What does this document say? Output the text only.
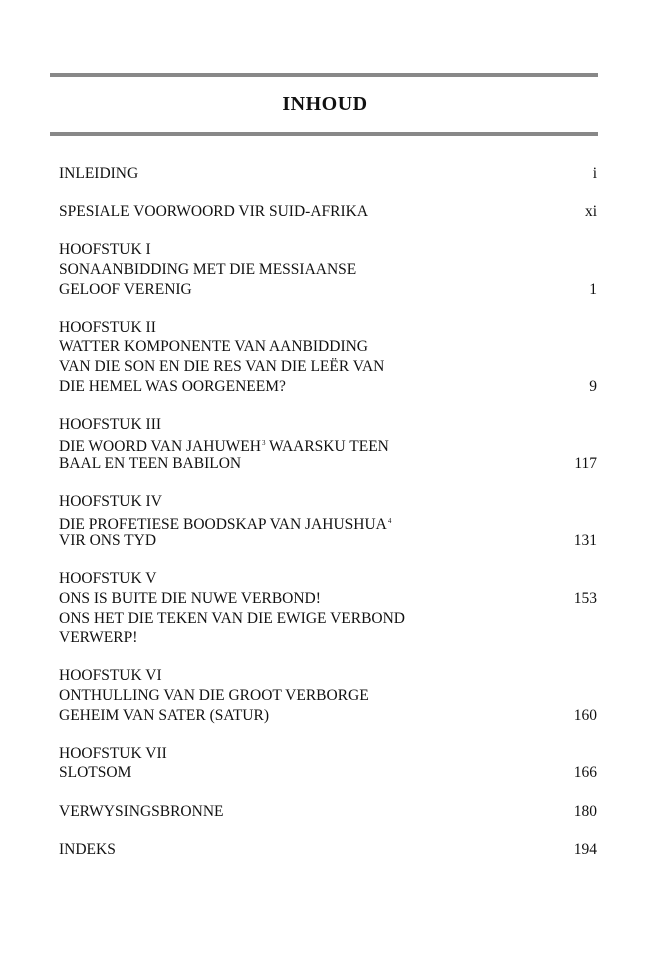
INHOUD
INLEIDING	i
SPESIALE VOORWOORD VIR SUID-AFRIKA	xi
HOOFSTUK I
SONAANBIDDING MET DIE MESSIAANSE
GELOOF VERENIG	1
HOOFSTUK II
WATTER KOMPONENTE VAN AANBIDDING
VAN DIE SON EN DIE RES VAN DIE LEËR VAN
DIE HEMEL WAS OORGENEEM?	9
HOOFSTUK III
DIE WOORD VAN JAHUWEH$^3$ WAARSKU TEEN
BAAL EN TEEN BABILON	117
HOOFSTUK IV
DIE PROFETIESE BOODSKAP VAN JAHUSHUA$^4$
VIR ONS TYD	131
HOOFSTUK V
ONS IS BUITE DIE NUWE VERBOND!	153
ONS HET DIE TEKEN VAN DIE EWIGE VERBOND
VERWERP!
HOOFSTUK VI
ONTHULLING VAN DIE GROOT VERBORGE
GEHEIM VAN SATER (SATUR)	160
HOOFSTUK VII
SLOTSOM	166
VERWYSINGSBRONNE	180
INDEKS	194
